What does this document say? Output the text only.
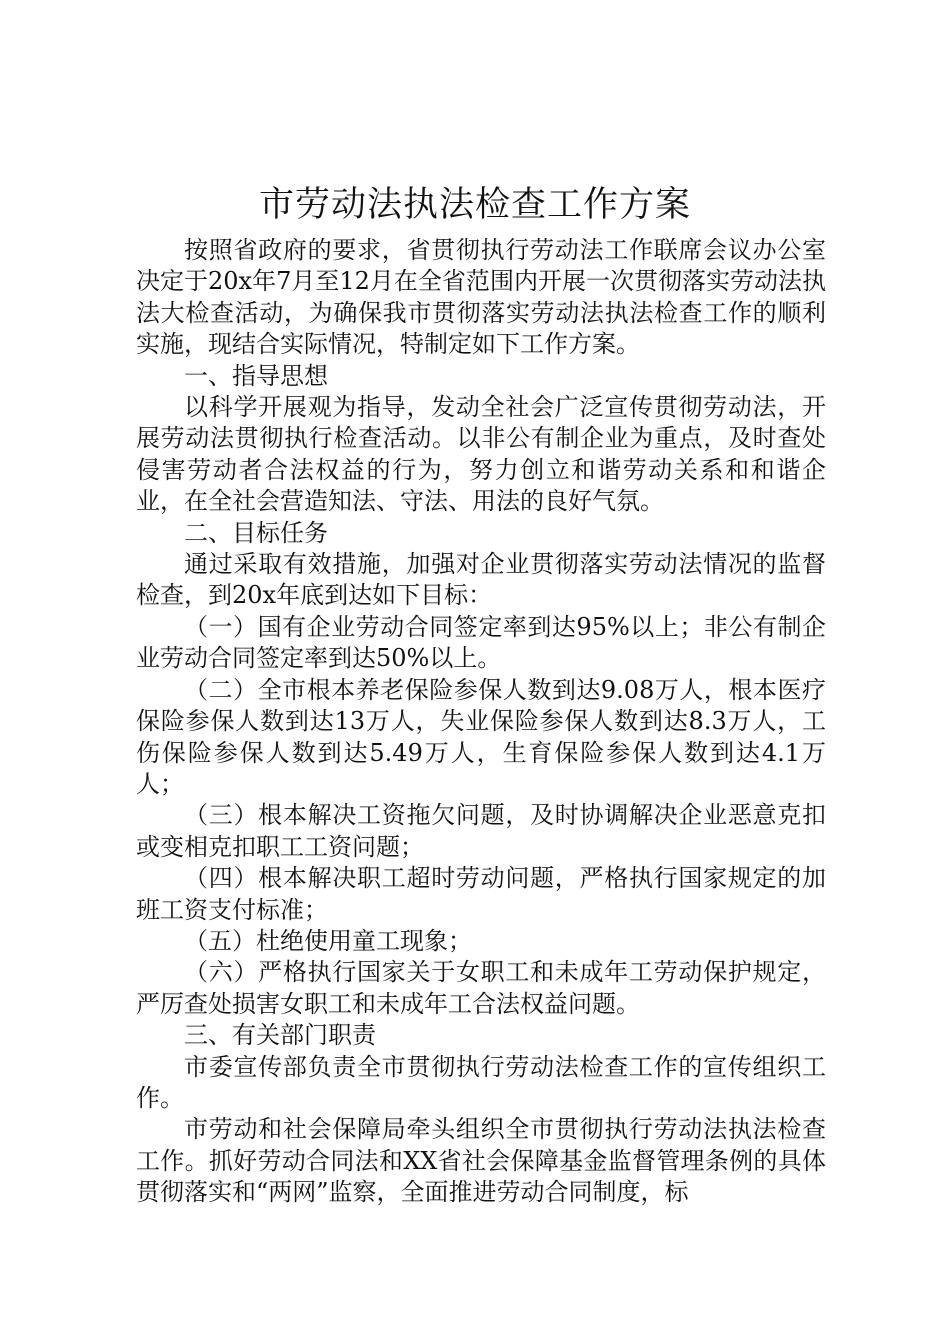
市劳动法执法检查工作方案

按照省政府的要求，省贯彻执行劳动法工作联席会议办公室决定于20x年7月至12月在全省范围内开展一次贯彻落实劳动法执法大检查活动，为确保我市贯彻落实劳动法执法检查工作的顺利实施，现结合实际情况，特制定如下工作方案。

一、指导思想

以科学开展观为指导，发动全社会广泛宣传贯彻劳动法，开展劳动法贯彻执行检查活动。以非公有制企业为重点，及时查处侵害劳动者合法权益的行为，努力创立和谐劳动关系和和谐企业，在全社会营造知法、守法、用法的良好气氛。

二、目标任务

通过采取有效措施，加强对企业贯彻落实劳动法情况的监督检查，到20x年底到达如下目标：

（一）国有企业劳动合同签定率到达95%以上；非公有制企业劳动合同签定率到达50%以上。

（二）全市根本养老保险参保人数到达9.08万人，根本医疗保险参保人数到达13万人，失业保险参保人数到达8.3万人，工伤保险参保人数到达5.49万人，生育保险参保人数到达4.1万人；

（三）根本解决工资拖欠问题，及时协调解决企业恶意克扣或变相克扣职工工资问题；

（四）根本解决职工超时劳动问题，严格执行国家规定的加班工资支付标准；

（五）杜绝使用童工现象；

（六）严格执行国家关于女职工和未成年工劳动保护规定，严厉查处损害女职工和未成年工合法权益问题。

三、有关部门职责

市委宣传部负责全市贯彻执行劳动法检查工作的宣传组织工作。

市劳动和社会保障局牵头组织全市贯彻执行劳动法执法检查工作。抓好劳动合同法和XX省社会保障基金监督管理条例的具体贯彻落实和“两网”监察，全面推进劳动合同制度，标
